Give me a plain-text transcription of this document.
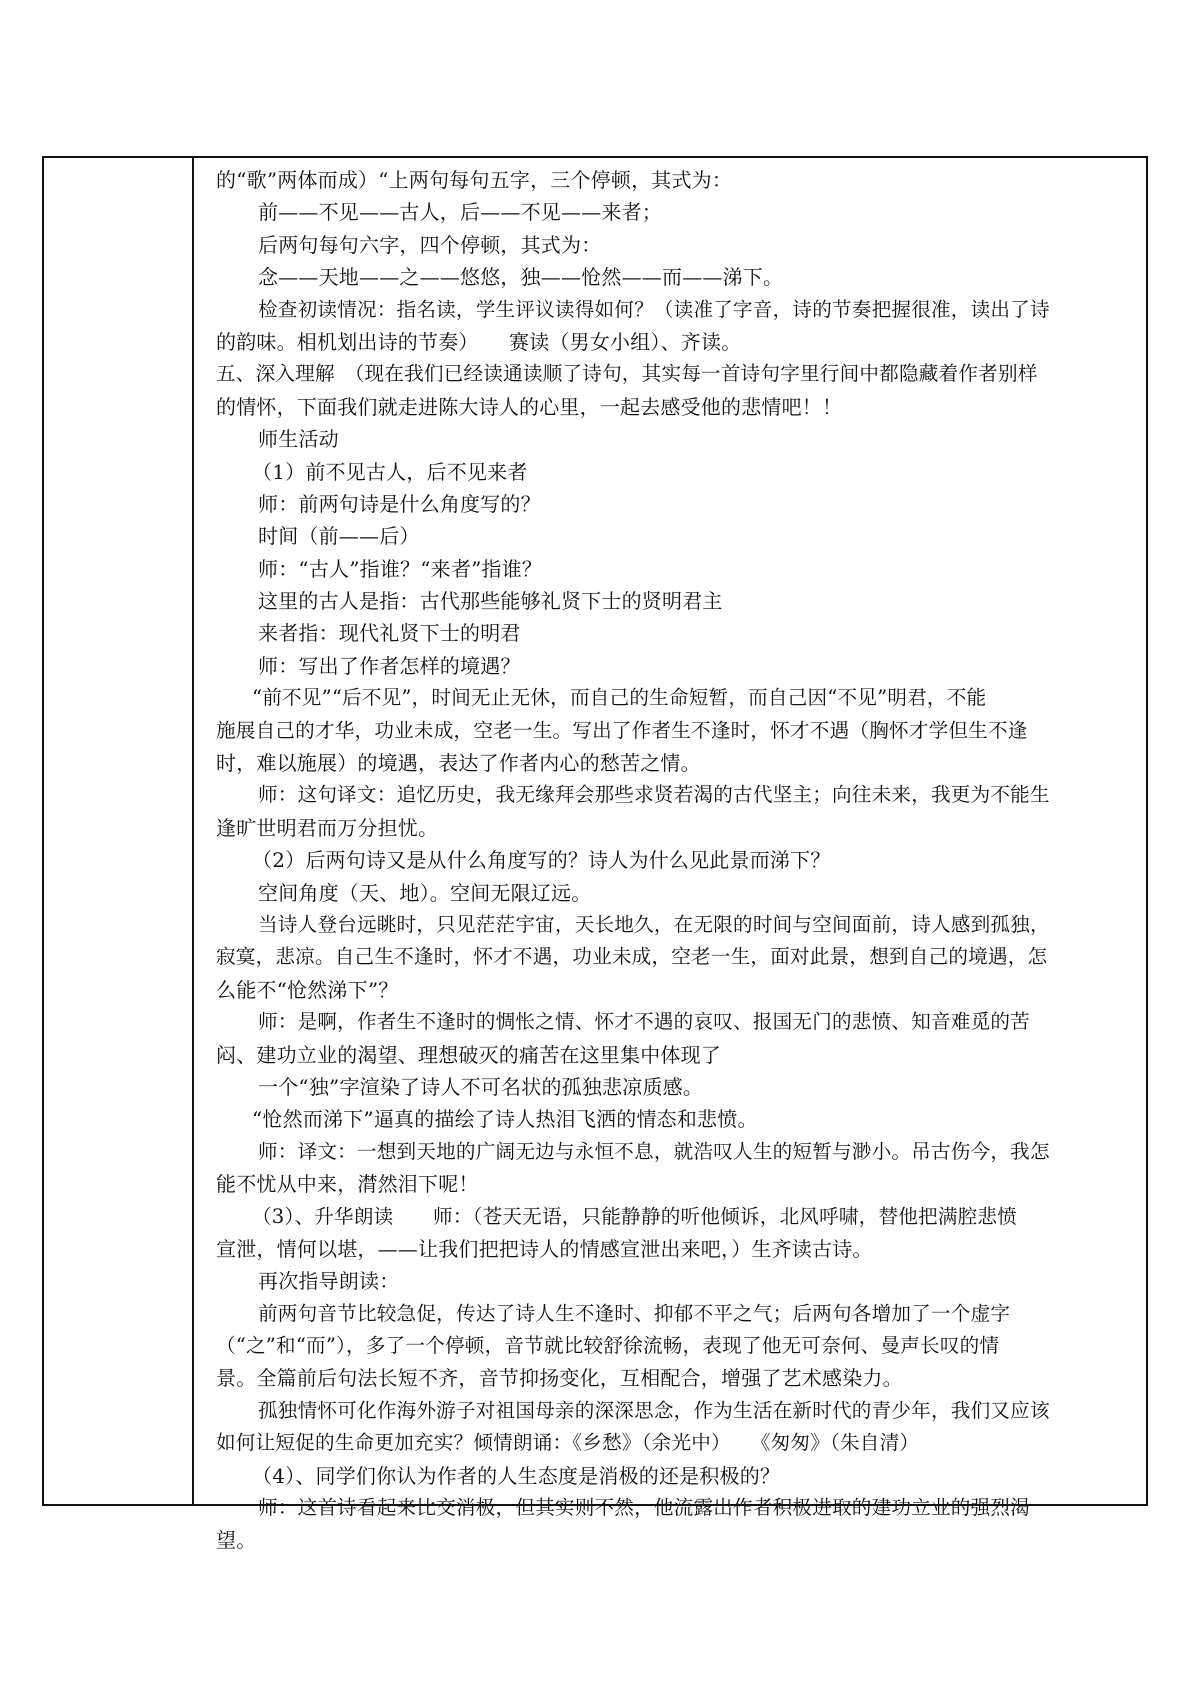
的“歌”两体而成）“上两句每句五字，三个停顿，其式为：
前——不见——古人，后——不见——来者；
后两句每句六字，四个停顿，其式为：
念——天地——之——悠悠，独——怆然——而——涕下。
检查初读情况：指名读，学生评议读得如何？（读准了字音，诗的节奏把握很准，读出了诗
的韵味。相机划出诗的节奏）　　赛读（男女小组）、齐读。
五、深入理解　（现在我们已经读通读顺了诗句，其实每一首诗句字里行间中都隐藏着作者别样
的情怀，下面我们就走进陈大诗人的心里，一起去感受他的悲情吧！！
师生活动
（1）前不见古人，后不见来者
师：前两句诗是什么角度写的？
时间（前——后）
师：“古人”指谁？“来者”指谁？
这里的古人是指：古代那些能够礼贤下士的贤明君主
来者指：现代礼贤下士的明君
师：写出了作者怎样的境遇？
“前不见”“后不见”，时间无止无休，而自己的生命短暂，而自己因“不见”明君，不能
施展自己的才华，功业未成，空老一生。写出了作者生不逢时，怀才不遇（胸怀才学但生不逢
时，难以施展）的境遇，表达了作者内心的愁苦之情。
师：这句译文：追忆历史，我无缘拜会那些求贤若渴的古代坚主；向往未来，我更为不能生
逢旷世明君而万分担忧。
（2）后两句诗又是从什么角度写的？诗人为什么见此景而涕下？
空间角度（天、地）。空间无限辽远。
当诗人登台远眺时，只见茫茫宇宙，天长地久，在无限的时间与空间面前，诗人感到孤独，
寂寞，悲凉。自己生不逢时，怀才不遇，功业未成，空老一生，面对此景，想到自己的境遇，怎
么能不“怆然涕下”？
师：是啊，作者生不逢时的惆怅之情、怀才不遇的哀叹、报国无门的悲愤、知音难觅的苦
闷、建功立业的渴望、理想破灭的痛苦在这里集中体现了
一个“独”字渲染了诗人不可名状的孤独悲凉质感。
“怆然而涕下”逼真的描绘了诗人热泪飞洒的情态和悲愤。
师：译文：一想到天地的广阔无边与永恒不息，就浩叹人生的短暂与渺小。吊古伤今，我怎
能不忧从中来，潸然泪下呢！
（3）、升华朗读　　师：（苍天无语，只能静静的听他倾诉，北风呼啸，替他把满腔悲愤
宣泄，情何以堪，——让我们把把诗人的情感宣泄出来吧，）生齐读古诗。
再次指导朗读：
前两句音节比较急促，传达了诗人生不逢时、抑郁不平之气；后两句各增加了一个虚字
（“之”和“而”），多了一个停顿，音节就比较舒徐流畅，表现了他无可奈何、曼声长叹的情
景。全篇前后句法长短不齐，音节抑扬变化，互相配合，增强了艺术感染力。
孤独情怀可化作海外游子对祖国母亲的深深思念，作为生活在新时代的青少年，我们又应该
如何让短促的生命更加充实？倾情朗诵：《乡愁》（余光中）　　《匆匆》（朱自清）
（4）、同学们你认为作者的人生态度是消极的还是积极的？
师：这首诗看起来比交消极，但其实则不然，他流露出作者积极进取的建功立业的强烈渴
望。
